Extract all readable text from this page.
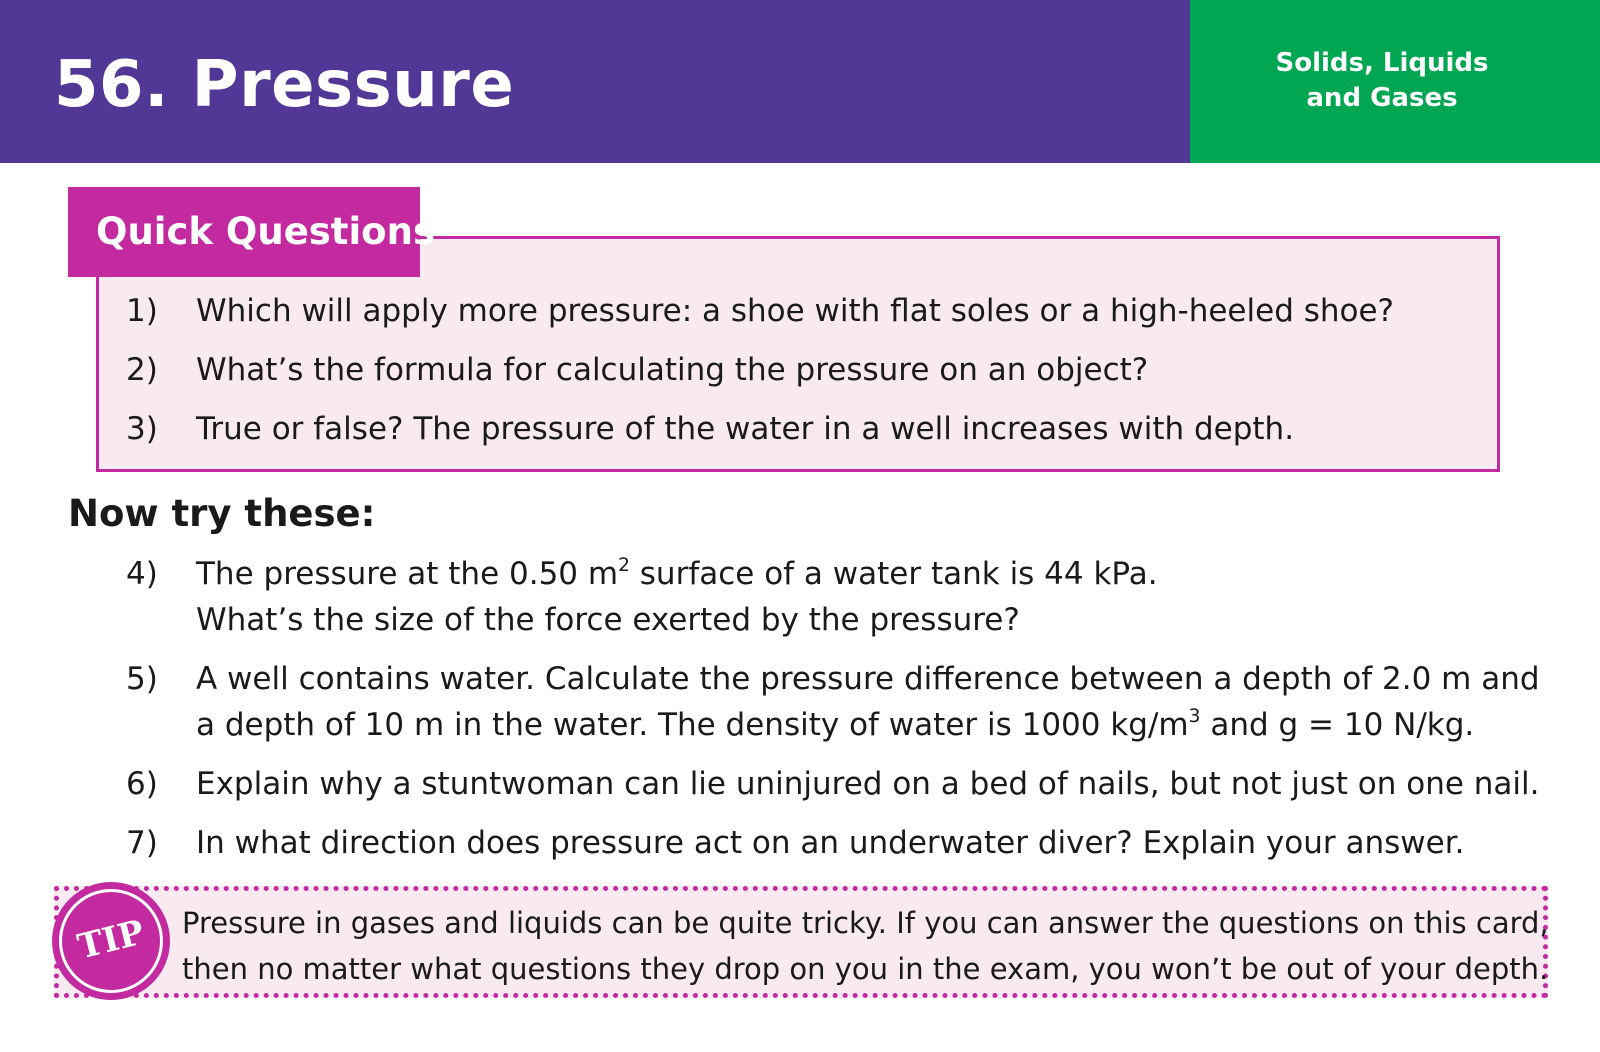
56. Pressure	Solids, Liquids
and Gases
Quick Questions
1) Which will apply more pressure: a shoe with flat soles or a high-heeled shoe?
2) What’s the formula for calculating the pressure on an object?
3) True or false? The pressure of the water in a well increases with depth.
Now try these:
4) The pressure at the 0.50 $m^2$ surface of a water tank is 44 kPa.
What’s the size of the force exerted by the pressure?
5) A well contains water. Calculate the pressure difference between a depth of 2.0 m and
a depth of 10 m in the water. The density of water is 1000 $kg/m^3$ and g = 10 N/kg.
6) Explain why a stuntwoman can lie uninjured on a bed of nails, but not just on one nail.
7) In what direction does pressure act on an underwater diver? Explain your answer.
TIP	Pressure in gases and liquids can be quite tricky. If you can answer the questions on this card,
then no matter what questions they drop on you in the exam, you won’t be out of your depth.
